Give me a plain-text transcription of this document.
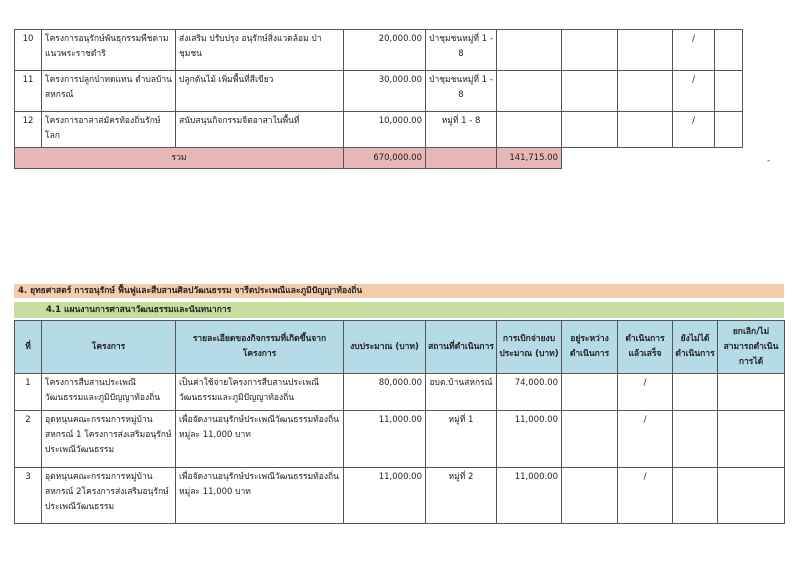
10	โครงการอนุรักษ์พันธุกรรมพืชตามแนวพระราชดำริ	ส่งเสริม ปรับปรุง อนุรักษ์สิ่งแวดล้อม ป่าชุมชน	20,000.00	ป่าชุมชนหมู่ที่ 1 - 8				/	
11	โครงการปลูกป่าทดแทน ตำบลบ้านสหกรณ์	ปลูกต้นไม้ เพิ่มพื้นที่สีเขียว	30,000.00	ป่าชุมชนหมู่ที่ 1 - 8				/	
12	โครงการอาสาสมัครท้องถิ่นรักษ์โลก	สนับสนุนกิจกรรมจิตอาสาในพื้นที่	10,000.00	หมู่ที่ 1 - 8				/	
รวม			670,000.00		141,715.00					-
4. ยุทธศาสตร์ การอนุรักษ์ ฟื้นฟูและสืบสานศิลปวัฒนธรรม จารีตประเพณีและภูมิปัญญาท้องถิ่น
4.1 แผนงานการศาสนาวัฒนธรรมและนันทนาการ
ที่	โครงการ	รายละเอียดของกิจกรรมที่เกิดขึ้นจากโครงการ	งบประมาณ (บาท)	สถานที่ดำเนินการ	การเบิกจ่ายงบประมาณ (บาท)	อยู่ระหว่างดำเนินการ	ดำเนินการแล้วเสร็จ	ยังไม่ได้ดำเนินการ	ยกเลิก/ไม่สามารถดำเนินการได้
1	โครงการสืบสานประเพณีวัฒนธรรมและภูมิปัญญาท้องถิ่น	เป็นค่าใช้จ่ายโครงการสืบสานประเพณีวัฒนธรรมและภูมิปัญญาท้องถิ่น	80,000.00	อบต.บ้านสหกรณ์	74,000.00		/		
2	อุดหนุนคณะกรรมการหมู่บ้านสหกรณ์ 1 โครงการส่งเสริมอนุรักษ์ประเพณีวัฒนธรรม	เพื่อจัดงานอนุรักษ์ประเพณีวัฒนธรรมท้องถิ่นหมู่ละ 11,000 บาท	11,000.00	หมู่ที่ 1	11,000.00		/		
3	อุดหนุนคณะกรรมการหมู่บ้านสหกรณ์ 2โครงการส่งเสริมอนุรักษ์ประเพณีวัฒนธรรม	เพื่อจัดงานอนุรักษ์ประเพณีวัฒนธรรมท้องถิ่นหมู่ละ 11,000 บาท	11,000.00	หมู่ที่ 2	11,000.00		/		
